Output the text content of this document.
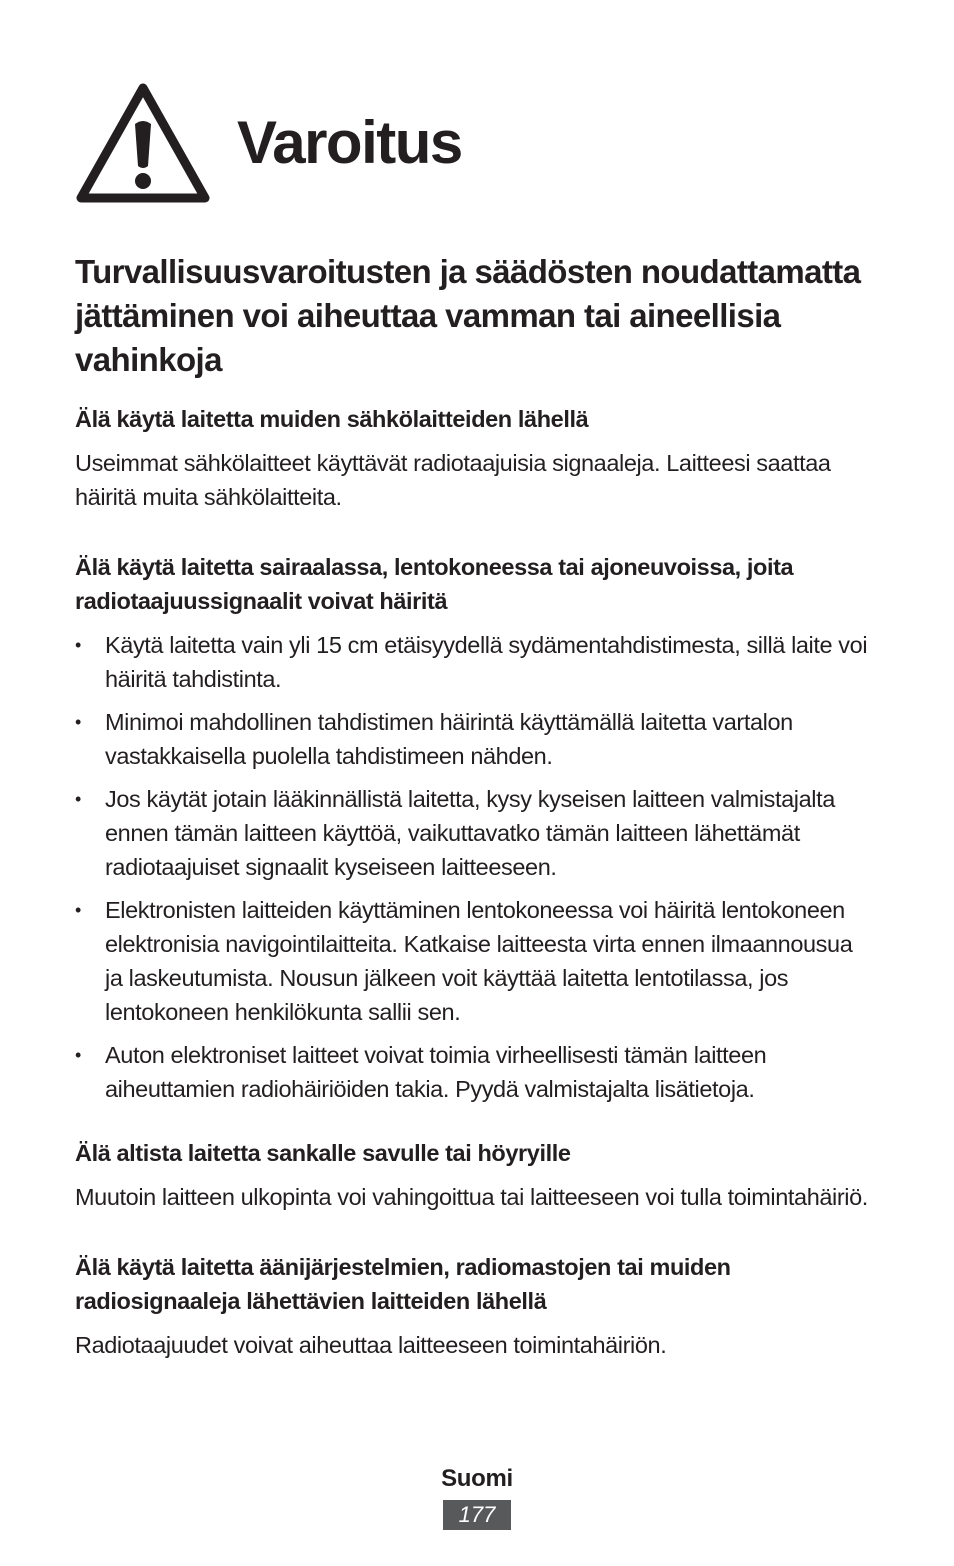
Varoitus
Turvallisuusvaroitusten ja säädösten noudattamatta jättäminen voi aiheuttaa vamman tai aineellisia vahinkoja
Älä käytä laitetta muiden sähkölaitteiden lähellä

Useimmat sähkölaitteet käyttävät radiotaajuisia signaaleja. Laitteesi saattaa häiritä muita sähkölaitteita.

Älä käytä laitetta sairaalassa, lentokoneessa tai ajoneuvoissa, joita radiotaajuussignaalit voivat häiritä
• Käytä laitetta vain yli 15 cm etäisyydellä sydämentahdistimesta, sillä laite voi häiritä tahdistinta.
• Minimoi mahdollinen tahdistimen häirintä käyttämällä laitetta vartalon vastakkaisella puolella tahdistimeen nähden.
• Jos käytät jotain lääkinnällistä laitetta, kysy kyseisen laitteen valmistajalta ennen tämän laitteen käyttöä, vaikuttavatko tämän laitteen lähettämät radiotaajuiset signaalit kyseiseen laitteeseen.
• Elektronisten laitteiden käyttäminen lentokoneessa voi häiritä lentokoneen elektronisia navigointilaitteita. Katkaise laitteesta virta ennen ilmaannousua ja laskeutumista. Nousun jälkeen voit käyttää laitetta lentotilassa, jos lentokoneen henkilökunta sallii sen.
• Auton elektroniset laitteet voivat toimia virheellisesti tämän laitteen aiheuttamien radiohäiriöiden takia. Pyydä valmistajalta lisätietoja.
Älä altista laitetta sankalle savulle tai höyryille

Muutoin laitteen ulkopinta voi vahingoittua tai laitteeseen voi tulla toimintahäiriö.

Älä käytä laitetta äänijärjestelmien, radiomastojen tai muiden radiosignaaleja lähettävien laitteiden lähellä

Radiotaajuudet voivat aiheuttaa laitteeseen toimintahäiriön.

Suomi
177
